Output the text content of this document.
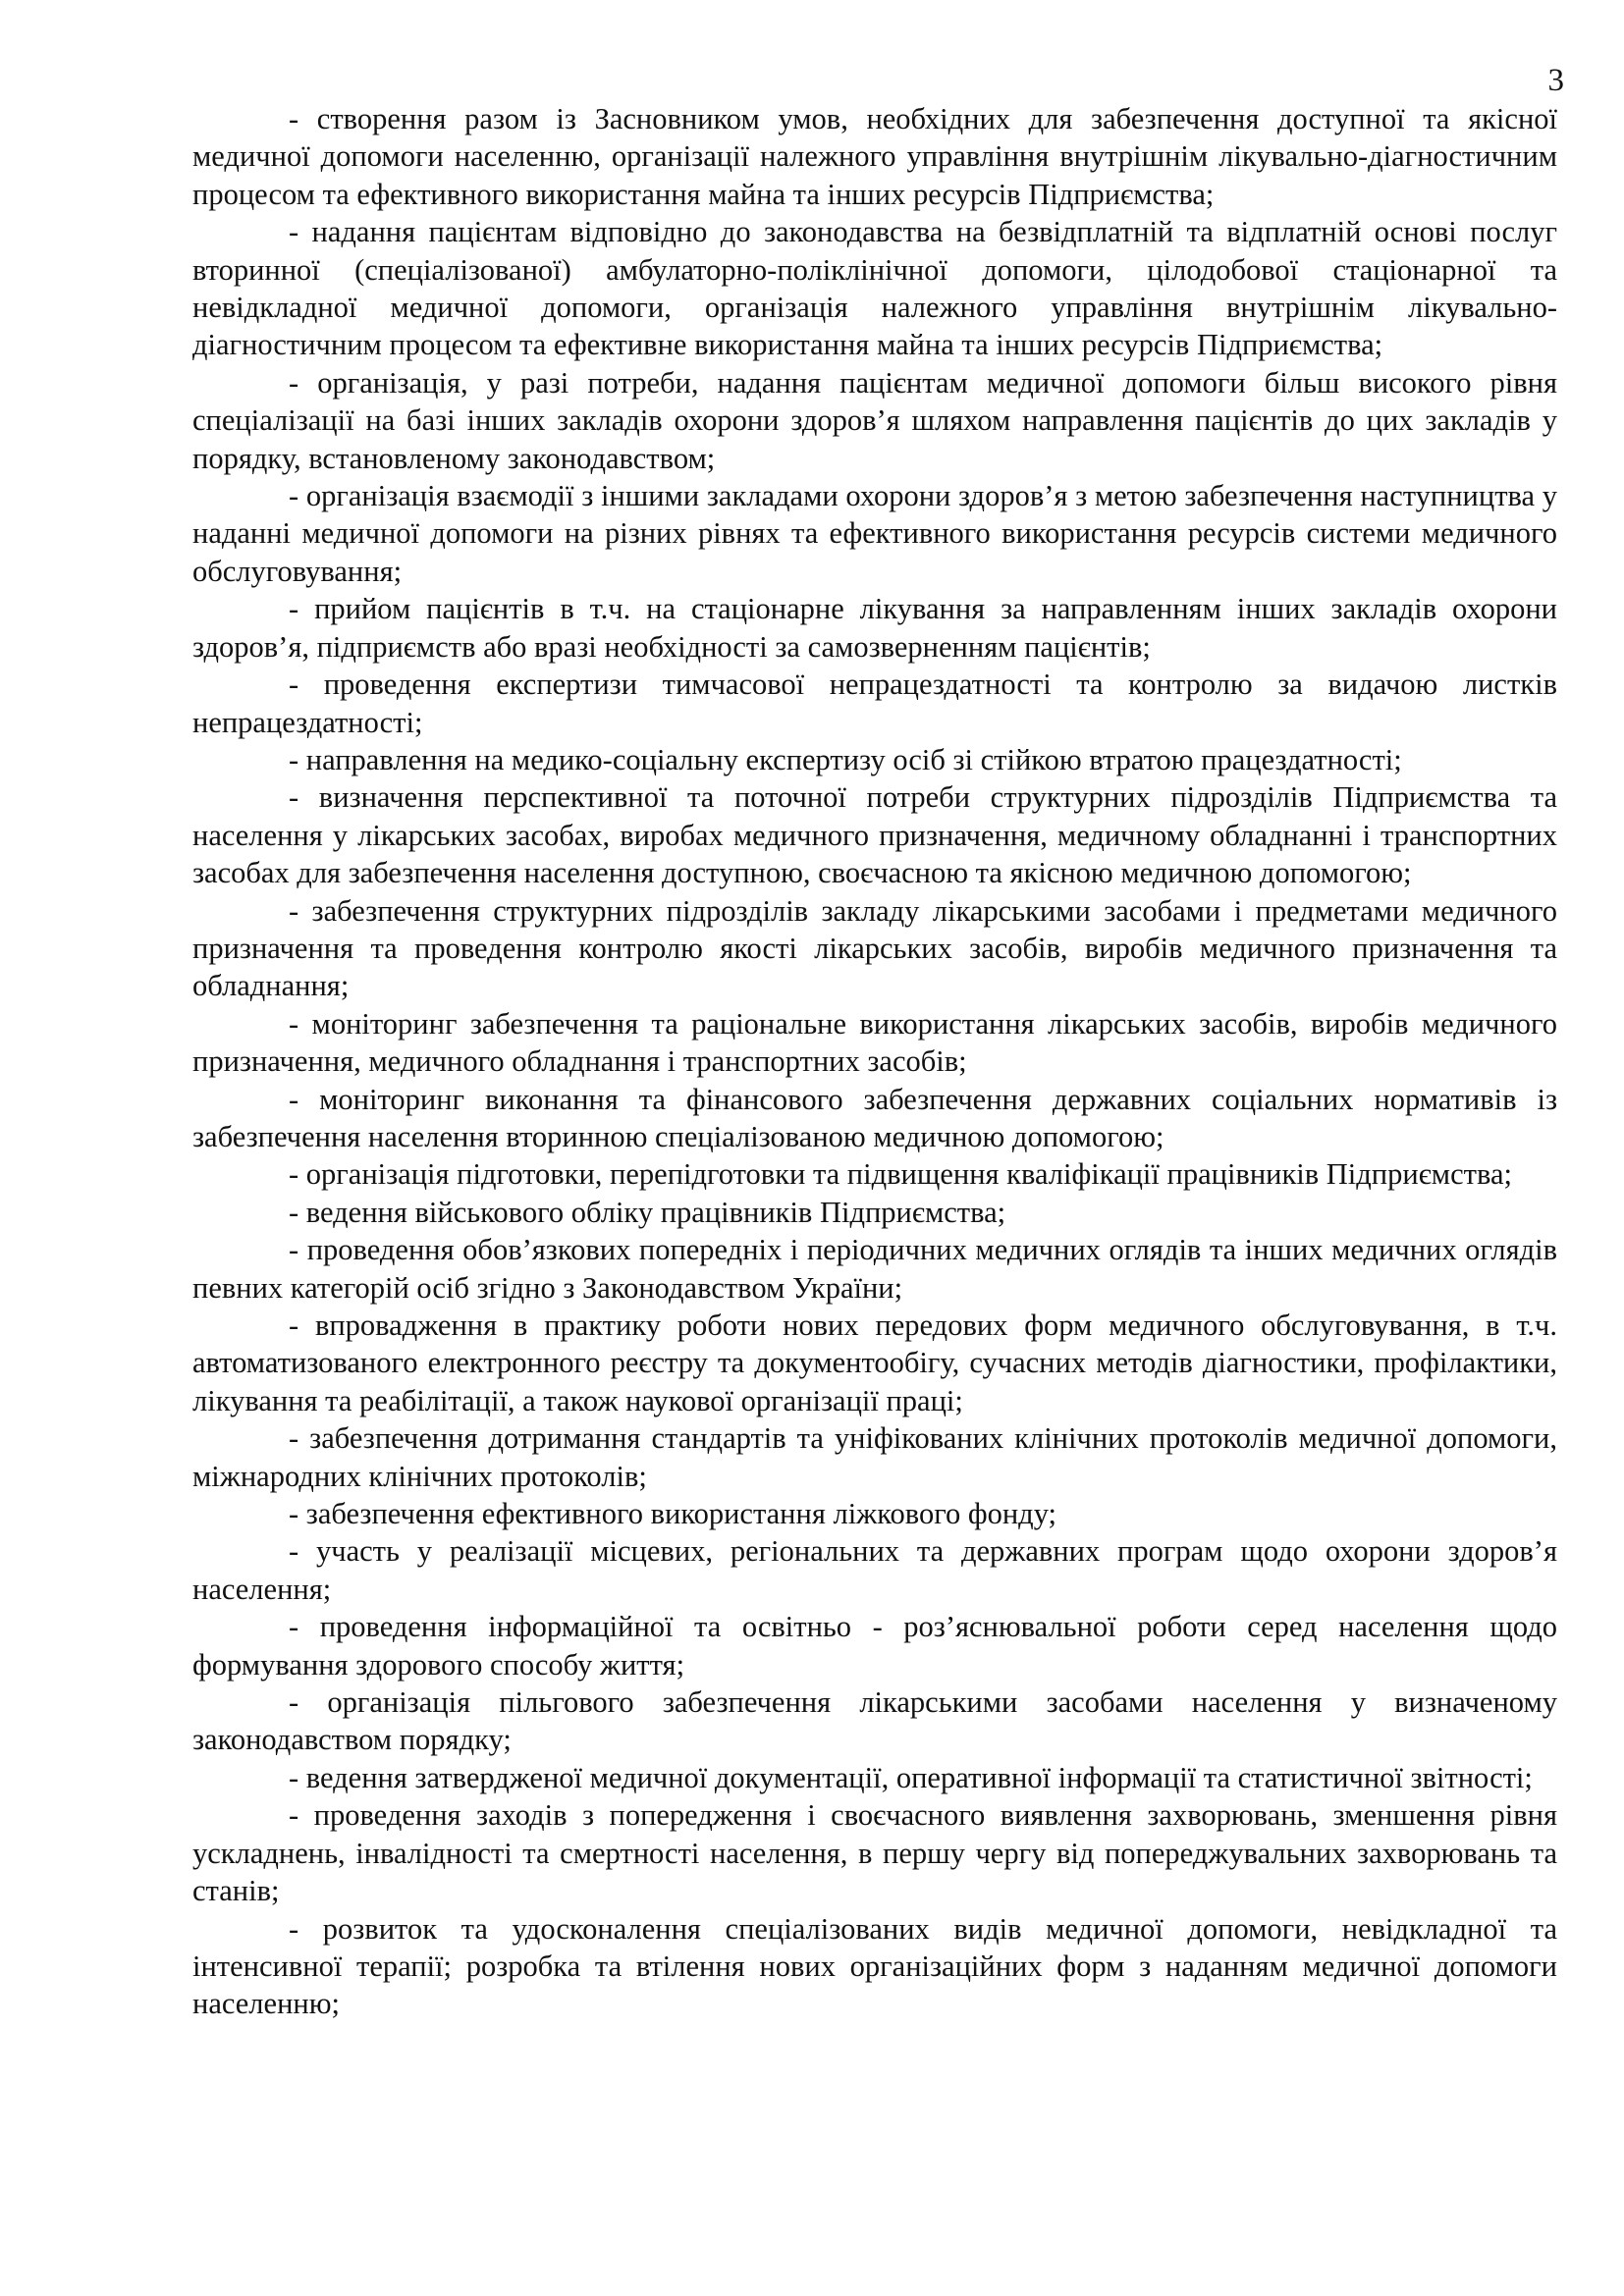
3

- створення разом із Засновником умов, необхідних для забезпечення доступної та якісної медичної допомоги населенню, організації належного управління внутрішнім лікувально-діагностичним процесом та ефективного використання майна та інших ресурсів Підприємства;

- надання пацієнтам відповідно до законодавства на безвідплатній та відплатній основі послуг вторинної (спеціалізованої) амбулаторно-поліклінічної допомоги, цілодобової стаціонарної та невідкладної медичної допомоги, організація належного управління внутрішнім лікувально-діагностичним процесом та ефективне використання майна та інших ресурсів Підприємства;

- організація, у разі потреби, надання пацієнтам медичної допомоги більш високого рівня спеціалізації на базі інших закладів охорони здоров’я шляхом направлення пацієнтів до цих закладів у порядку, встановленому законодавством;

- організація взаємодії з іншими закладами охорони здоров’я з метою забезпечення наступництва у наданні медичної допомоги на різних рівнях та ефективного використання ресурсів системи медичного обслуговування;

- прийом пацієнтів в т.ч. на стаціонарне лікування за направленням інших закладів охорони здоров’я, підприємств або вразі необхідності за самозверненням пацієнтів;

- проведення експертизи тимчасової непрацездатності та контролю за видачою листків непрацездатності;

- направлення на медико-соціальну експертизу осіб зі стійкою втратою працездатності;

- визначення перспективної та поточної потреби структурних підрозділів Підприємства та населення у лікарських засобах, виробах медичного призначення, медичному обладнанні і транспортних засобах для забезпечення населення доступною, своєчасною та якісною медичною допомогою;

- забезпечення структурних підрозділів закладу лікарськими засобами і предметами медичного призначення та проведення контролю якості лікарських засобів, виробів медичного призначення та обладнання;

- моніторинг забезпечення та раціональне використання лікарських засобів, виробів медичного призначення, медичного обладнання і транспортних засобів;

- моніторинг виконання та фінансового забезпечення державних соціальних нормативів із забезпечення населення вторинною спеціалізованою медичною допомогою;

- організація підготовки, перепідготовки та підвищення кваліфікації працівників Підприємства;

- ведення військового обліку працівників Підприємства;

- проведення обов’язкових попередніх і періодичних медичних оглядів та інших медичних оглядів певних категорій осіб згідно з Законодавством України;

- впровадження в практику роботи нових передових форм медичного обслуговування, в т.ч. автоматизованого електронного реєстру та документообігу, сучасних методів діагностики, профілактики, лікування та реабілітації, а також наукової організації праці;

- забезпечення дотримання стандартів та уніфікованих клінічних протоколів медичної допомоги, міжнародних клінічних протоколів;

- забезпечення ефективного використання ліжкового фонду;

- участь у реалізації місцевих, регіональних та державних програм щодо охорони здоров’я населення;

- проведення інформаційної та освітньо - роз’яснювальної роботи серед населення щодо формування здорового способу життя;

- організація пільгового забезпечення лікарськими засобами населення у визначеному законодавством порядку;

- ведення затвердженої медичної документації, оперативної інформації та статистичної звітності;

- проведення заходів з попередження і своєчасного виявлення захворювань, зменшення рівня ускладнень, інвалідності та смертності населення, в першу чергу від попереджувальних захворювань та станів;

- розвиток та удосконалення спеціалізованих видів медичної допомоги, невідкладної та інтенсивної терапії; розробка та втілення нових організаційних форм з наданням медичної допомоги населенню;
